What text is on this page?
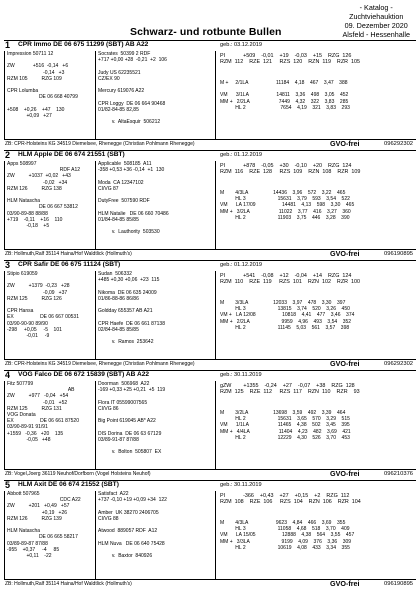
- Katalog -
Zuchtviehauktion
09. Dezember 2020
Alsfeld - Hessenhalle
Schwarz- und rotbunte Bullen
1 CPR Immo DE 06 675 11299 (SBT) AB A22	geb.: 03.12.2019
Impression 50711 12

ZW             +516  -0,14   +6
-0,14   +3
RZM 105          RZG 109

CPR Lolumba
DE 06 668 40799

+508    +0,26    +47    130
+0,09   +27
Socrates  50399 2 RDF
+717 +0,00 +28  -0,21  +2  106

Judy US 62235521
CZ/EX 90

Mercury 619076 A22

CPR Loggy  DE 06 664 90468
01/82-84-85 82,85

v.  AltaEsquir  506212
PI            +509    -0,01    +19    -0,03    +15    RZG  126
RZM  112    RZE  121     RZS  120    RZN  119    RZR  105
M +     2/1LA                    11184    4,18    467    3,47    388

VM      3/1LA                    14811    3,36    498    3,05    452
MM +   2/2LA                     7449    4,32    322    3,83    285
HL 2                         7654    4,19    321    3,83    293
ZB: CPR-Holsteins KG 34519 Diemelsee, Rhenegge (Christian Pohlmann Rhenegge)	GVO-frei	096292302
2 HLM Apple DE 06 674 21551 (SBT)	geb.: 01.12.2019
Apps 508997
RDF A12
ZW          +1037  +0,02   +43
-0,02   +34
RZM 126          RZG 138

HLM Natascha
DE 06 667 53812
03/90-89-88 88/88
+719    -0,11    +16    110
-0,18    +5
Applicable  508185  A11
-358 +0,53 +36 -0,14  +1  130

Moda  CA 12347102
CI/VG 87

DutyFree  507590 RDF

HLM Natalie   DE 06 660 70486
01/84-84-85 85/85

v.  Lauthority  503530
PI            +878    -0,05    +30    -0,10    +20    RZG  124
RZM  116    RZE  128     RZS  109    RZN  108    RZR  109
M        4/3LA                  14436    3,96    572    3,22    465
HL 3                       15631    3,79    593    3,54    522
VM      LA 17/09                   14481    4,13    598    3,30    465
MM +   3/2LA                     11022    3,77    416    3,27    360
HL 2                       11903    3,75    446    3,28    390
ZB: Hollmuth,Ralf 35114 Haina/Hof Waldtlick (Hollmuth's)	GVO-frei	096190895
3 CPR Safir DE 06 675 11124 (SBT)	geb.: 01.12.2019
Stipio 619059

ZW          +1379  -0,23   +28
-0,09   +37
RZM 125          RZG 126

CPR Hansa
EX                   DE 06 667 00531
03/90-90-90 89/90
-298     +0,05     -5    101
-0,01     -9
Sudan  506332
+485 +0,30 +0,06  +23  115

Nikoma  DE 06 635 24009
01/86-88-86 86/86

Goldday 655357 AB A21

CPR Haefe  DE 06 661 87138
02/84-84-85 85/85

v.  Ramos  253642
PI            +541    -0,08    +12    -0,04    +14    RZG  124
RZM  110    RZE  119     RZS  101    RZN  102    RZR  100
M        3/3LA                  12033    3,97    478    3,30    397
HL 3                       13815    3,74    520    3,26    450
VM +   LA 12/08                   10818    4,41    477    3,46    374
MM +   2/2LA                       9959    4,96    493    3,54    352
HL 2                       11145    5,03    561    3,57    398
ZB: CPR-Holsteins KG 34519 Diemelsee, Rhenegge (Christian Pohlmann Rhenegge)	GVO-frei	096292302
4 VOG Falco DE 06 672 15839 (SBT) AB A22	geb.: 30.11.2019
Fitz 507799
AB
ZW          +977   -0,04   +54
-0,01   +52
RZM 125          RZG 131
VOG Donata
EX                   DE 06 661 87520
03/90-89-91 91/91
+1559   -0,36   +20    135
-0,05   +48
Doorman  506968  A22
-169 +0,33 +25 +0,21  +5  119

Flora IT 05599007565
CI/VG 86

Big Point 619045 AB* A22

DIS Dorina  DE 06 63 67129
03/89-91-87 87/88

v.  Bolton  505807  EX
gZW        +1355    -0,24    +27    -0,07    +38    RZG  128
RZM  125    RZE  112     RZS  117    RZN  110    RZR    93
M        3/2LA                  13698    3,59    492    3,39    464
HL 2                       15631    3,65    570    3,29    515
VM      1/1LA                     11465    4,38    502    3,45    395
MM +   4/4LA                     11404    4,23    482    3,69    421
HL 2                       12229    4,30    526    3,70    453
ZB: Vogel,Joerg 36119 Neuhof/Dorfborn (Vogel Holsteins Neuhof)	GVO-frei	096210376
5 HLM Axit DE 06 674 21552 (SBT)	geb.: 30.11.2019
Abbott 507965
CDC A22
ZW          +201   +0,49   +57
+0,19   +26
RZM 126          RZG 139

HLM Natascha
DE 06 665 58217
03/89-89-87 87/88
-955    +0,37     -4     85
+0,11    -22
Satisfact  A22
+737 -0,10 +19 +0,09 +34  122

Amber  UK 38270 2406705
CI/VG 88

Atwood  889057 RDF  A12

HLM Nuva   DE 06 640 75428

v.  Baxtor  840926
PI            -366    +0,43    +27    +0,15    +2    RZG  112
RZM  108    RZE  106     RZS  104    RZN  106    RZR  104
M        4/3LA                    9623    4,84    466    3,69    355
HL 3                       11058    4,68    518    3,70    409
VM      LA 15/05                   12888    4,38    564    3,55    457
MM +   3/3LA                       9199    4,09    376    3,36    309
HL 2                       10619    4,08    433    3,34    355
ZB: Hollmuth,Ralf 35114 Haina/Hof Waldtlick (Hollmuth's)	GVO-frei	096190895
